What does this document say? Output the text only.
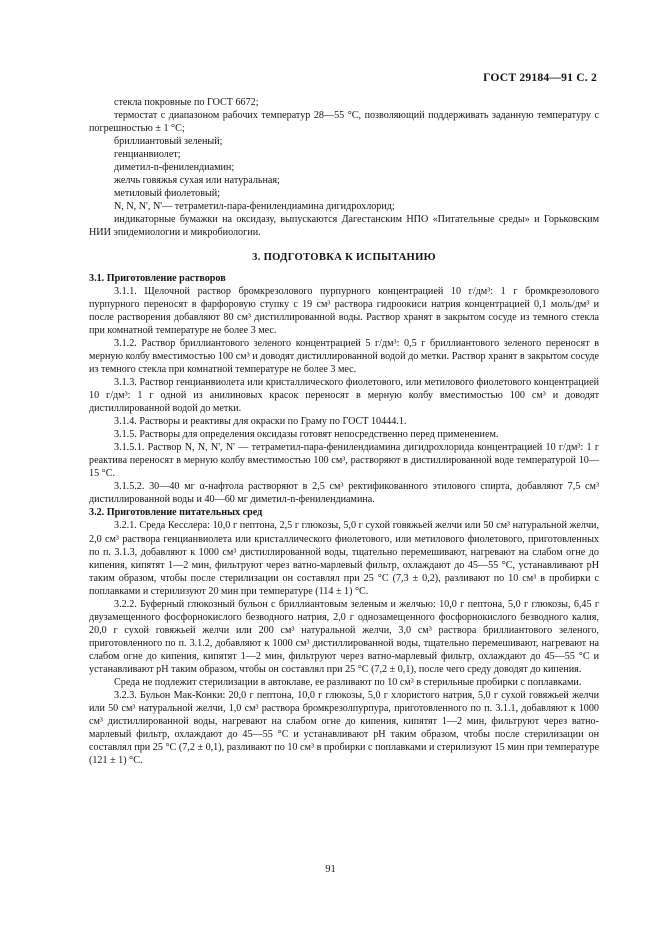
ГОСТ 29184—91 С. 2

стекла покровные по ГОСТ 6672;

термостат с диапазоном рабочих температур 28—55 °С, позволяющий поддерживать заданную температуру с погрешностью ± 1 °С;

бриллиантовый зеленый;

генцианвиолет;

диметил-n-фенилендиамин;

желчь говяжья сухая или натуральная;

метиловый фиолетовый;

N, N, N', N'— тетраметил-пара-фенилендиамина дигидрохлорид;

индикаторные бумажки на оксидазу, выпускаются Дагестанским НПО «Питательные среды» и Горьковским НИИ эпидемиологии и микробиологии.

3. ПОДГОТОВКА К ИСПЫТАНИЮ

3.1. Приготовление растворов

3.1.1. Щелочной раствор бромкрезолового пурпурного концентрацией 10 г/дм³: 1 г бромкрезолового пурпурного переносят в фарфоровую ступку с 19 см³ раствора гидроокиси натрия концентрацией 0,1 моль/дм³ и после растворения добавляют 80 см³ дистиллированной воды. Раствор хранят в закрытом сосуде из темного стекла при комнатной температуре не более 3 мес.

3.1.2. Раствор бриллиантового зеленого концентрацией 5 г/дм³: 0,5 г бриллиантового зеленого переносят в мерную колбу вместимостью 100 см³ и доводят дистиллированной водой до метки. Раствор хранят в закрытом сосуде из темного стекла при комнатной температуре не более 3 мес.

3.1.3. Раствор генцианвиолета или кристаллического фиолетового, или метилового фиолетового концентрацией 10 г/дм³: 1 г одной из анилиновых красок переносят в мерную колбу вместимостью 100 см³ и доводят дистиллированной водой до метки.

3.1.4. Растворы и реактивы для окраски по Граму по ГОСТ 10444.1.

3.1.5. Растворы для определения оксидазы готовят непосредственно перед применением.

3.1.5.1. Раствор N, N, N', N' — тетраметил-пара-фенилендиамина дигидрохлорида концентрацией 10 г/дм³: 1 г реактива переносят в мерную колбу вместимостью 100 см³, растворяют в дистиллированной воде температурой 10—15 °С.

3.1.5.2. 30—40 мг α-нафтола растворяют в 2,5 см³ ректификованного этилового спирта, добавляют 7,5 см³ дистиллированной воды и 40—60 мг диметил-n-фенилендиамина.

3.2. Приготовление питательных сред

3.2.1. Среда Кесслера: 10,0 г пептона, 2,5 г глюкозы, 5,0 г сухой говяжьей желчи или 50 см³ натуральной желчи, 2,0 см³ раствора генцианвиолета или кристаллического фиолетового, или метилового фиолетового, приготовленных по п. 3.1.3, добавляют к 1000 см³ дистиллированной воды, тщательно перемешивают, нагревают на слабом огне до кипения, кипятят 1—2 мин, фильтруют через ватно-марлевый фильтр, охлаждают до 45—55 °С, устанавливают рН таким образом, чтобы после стерилизации он составлял при 25 °С (7,3 ± 0,2), разливают по 10 см³ в пробирки с поплавками и стерилизуют 20 мин при температуре (114 ± 1) °С.

3.2.2. Буферный глюкозный бульон с бриллиантовым зеленым и желчью: 10,0 г пептона, 5,0 г глюкозы, 6,45 г двузамещенного фосфорнокислого безводного натрия, 2,0 г однозамещенного фосфорнокислого безводного калия, 20,0 г сухой говяжьей желчи или 200 см³ натуральной желчи, 3,0 см³ раствора бриллиантового зеленого, приготовленного по п. 3.1.2, добавляют к 1000 см³ дистиллированной воды, тщательно перемешивают, нагревают на слабом огне до кипения, кипятят 1—2 мин, фильтруют через ватно-марлевый фильтр, охлаждают до 45—55 °С и устанавливают рН таким образом, чтобы он составлял при 25 °С (7,2 ± 0,1), после чего среду доводят до кипения.

Среда не подлежит стерилизации в автоклаве, ее разливают по 10 см³ в стерильные пробирки с поплавками.

3.2.3. Бульон Мак-Конки: 20,0 г пептона, 10,0 г глюкозы, 5,0 г хлористого натрия, 5,0 г сухой говяжьей желчи или 50 см³ натуральной желчи, 1,0 см³ раствора бромкрезолпурпура, приготовленного по п. 3.1.1, добавляют к 1000 см³ дистиллированной воды, нагревают на слабом огне до кипения, кипятят 1—2 мин, фильтруют через ватно-марлевый фильтр, охлаждают до 45—55 °С и устанавливают рН таким образом, чтобы после стерилизации он составлял при 25 °С (7,2 ± 0,1), разливают по 10 см³ в пробирки с поплавками и стерилизуют 15 мин при температуре (121 ± 1) °С.

91
